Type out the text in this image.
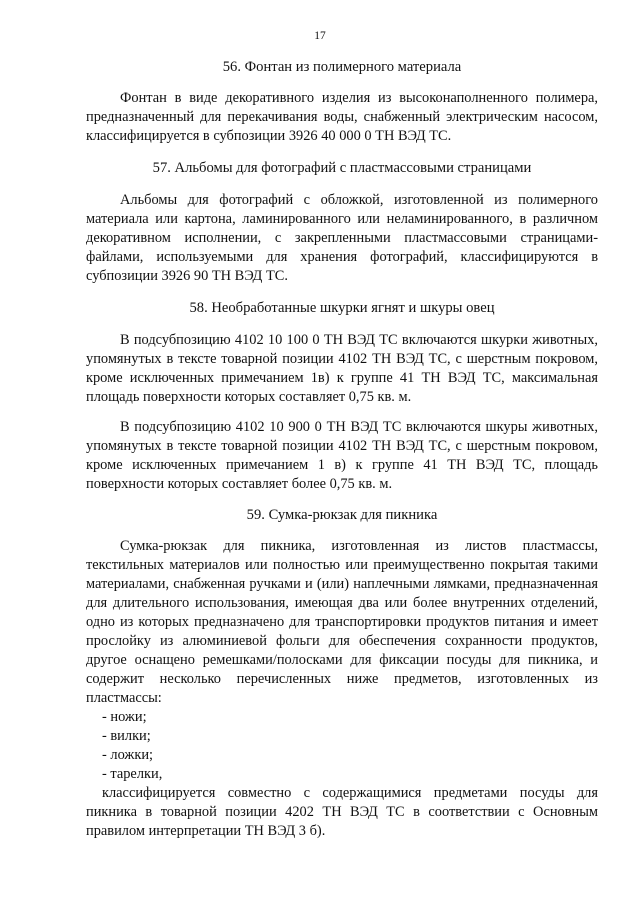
17
56. Фонтан из полимерного материала

Фонтан в виде декоративного изделия из высоконаполненного полимера, предназначенный для перекачивания воды, снабженный электрическим насосом, классифицируется в субпозиции 3926 40 000 0 ТН ВЭД ТС.

57. Альбомы для фотографий с пластмассовыми страницами

Альбомы для фотографий с обложкой, изготовленной из полимерного материала или картона, ламинированного или неламинированного, в различном декоративном исполнении, с закрепленными пластмассовыми страницами-файлами, используемыми для хранения фотографий, классифицируются в субпозиции 3926 90 ТН ВЭД ТС.

58. Необработанные шкурки ягнят и шкуры овец

В подсубпозицию 4102 10 100 0 ТН ВЭД ТС включаются шкурки животных, упомянутых в тексте товарной позиции 4102 ТН ВЭД ТС, с шерстным покровом, кроме исключенных примечанием 1в) к группе 41 ТН ВЭД ТС, максимальная площадь поверхности которых составляет 0,75 кв. м.

В подсубпозицию 4102 10 900 0 ТН ВЭД ТС включаются шкуры животных, упомянутых в тексте товарной позиции 4102 ТН ВЭД ТС, с шерстным покровом, кроме исключенных примечанием 1 в) к группе 41 ТН ВЭД ТС, площадь поверхности которых составляет более 0,75 кв. м.

59. Сумка-рюкзак для пикника

Сумка-рюкзак для пикника, изготовленная из листов пластмассы, текстильных материалов или полностью или преимущественно покрытая такими материалами, снабженная ручками и (или) наплечными лямками, предназначенная для длительного использования, имеющая два или более внутренних отделений, одно из которых предназначено для транспортировки продуктов питания и имеет прослойку из алюминиевой фольги для обеспечения сохранности продуктов, другое оснащено ремешками/полосками для фиксации посуды для пикника, и содержит несколько перечисленных ниже предметов, изготовленных из пластмассы:

- ножи;
- вилки;
- ложки;
- тарелки,

классифицируется совместно с содержащимися предметами посуды для пикника в товарной позиции 4202 ТН ВЭД ТС в соответствии с Основным правилом интерпретации ТН ВЭД 3 б).
